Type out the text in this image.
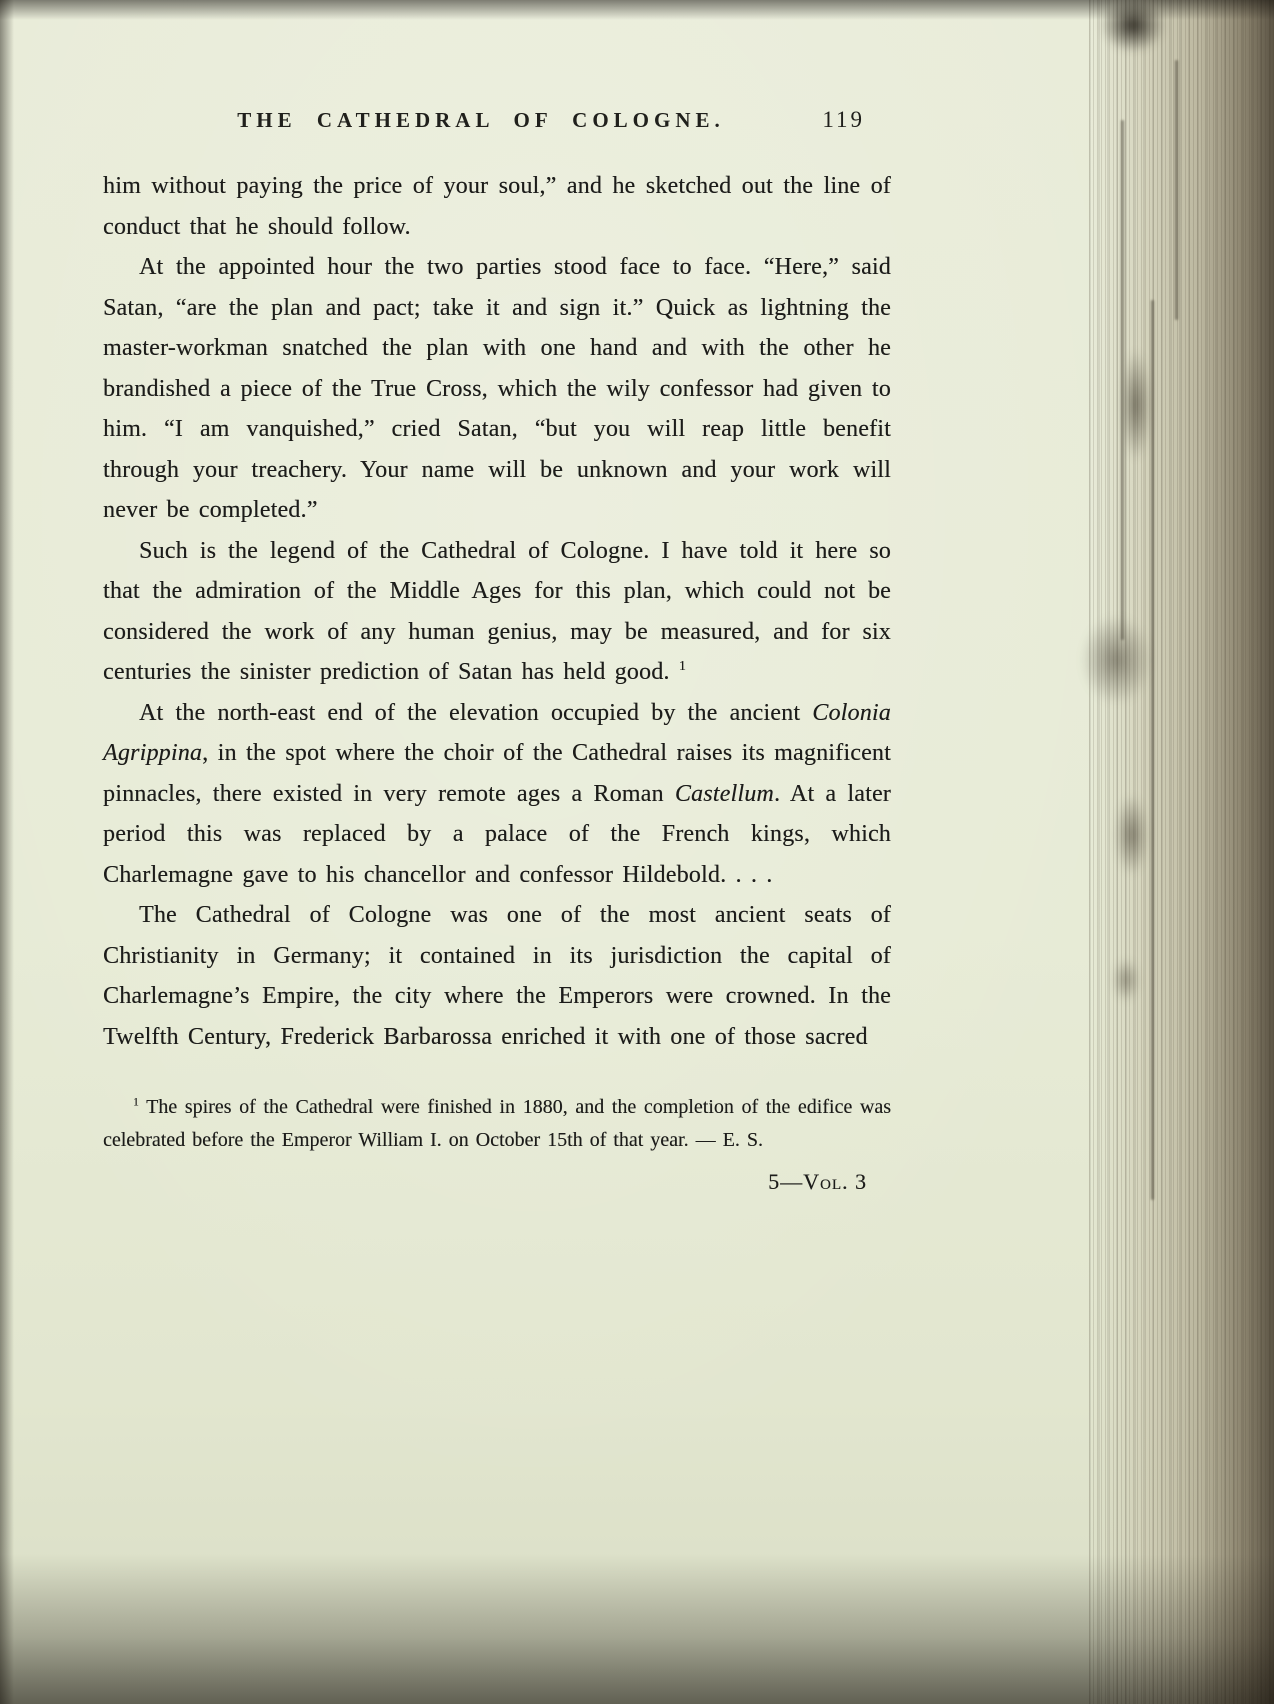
THE CATHEDRAL OF COLOGNE.	119

him without paying the price of your soul,” and he sketched out the line of conduct that he should follow.

At the appointed hour the two parties stood face to face. “Here,” said Satan, “are the plan and pact; take it and sign it.” Quick as lightning the master-workman snatched the plan with one hand and with the other he brandished a piece of the True Cross, which the wily confessor had given to him. “I am vanquished,” cried Satan, “but you will reap little benefit through your treachery. Your name will be unknown and your work will never be completed.”

Such is the legend of the Cathedral of Cologne. I have told it here so that the admiration of the Middle Ages for this plan, which could not be considered the work of any human genius, may be measured, and for six centuries the sinister prediction of Satan has held good. $^1$

At the north-east end of the elevation occupied by the ancient Colonia Agrippina, in the spot where the choir of the Cathedral raises its magnificent pinnacles, there existed in very remote ages a Roman Castellum. At a later period this was replaced by a palace of the French kings, which Charlemagne gave to his chancellor and confessor Hildebold. . . .

The Cathedral of Cologne was one of the most ancient seats of Christianity in Germany; it contained in its jurisdiction the capital of Charlemagne’s Empire, the city where the Emperors were crowned. In the Twelfth Century, Frederick Barbarossa enriched it with one of those sacred

$^1$ The spires of the Cathedral were finished in 1880, and the completion of the edifice was celebrated before the Emperor William I. on October 15th of that year. — E. S.

5—Vol. 3
